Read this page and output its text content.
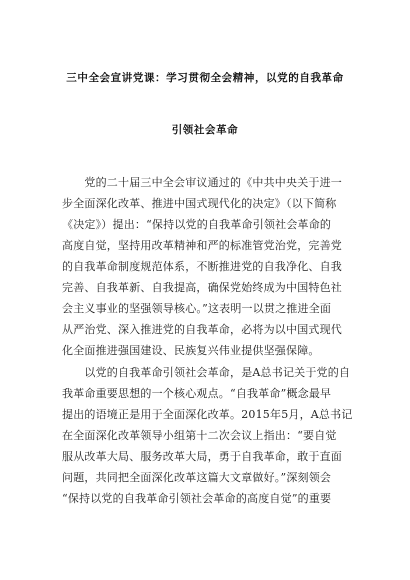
三中全会宣讲党课：学习贯彻全会精神，以党的自我革命
引领社会革命
　　党的二十届三中全会审议通过的《中共中央关于进一
步全面深化改革、推进中国式现代化的决定》（以下简称
《决定》）提出：“保持以党的自我革命引领社会革命的
高度自觉，坚持用改革精神和严的标准管党治党，完善党
的自我革命制度规范体系，不断推进党的自我净化、自我
完善、自我革新、自我提高，确保党始终成为中国特色社
会主义事业的坚强领导核心。”这表明一以贯之推进全面
从严治党、深入推进党的自我革命，必将为以中国式现代
化全面推进强国建设、民族复兴伟业提供坚强保障。
　　以党的自我革命引领社会革命，是A总书记关于党的自
我革命重要思想的一个核心观点。“自我革命”概念最早
提出的语境正是用于全面深化改革。2015年5月，A总书记
在全面深化改革领导小组第十二次会议上指出：“要自觉
服从改革大局、服务改革大局，勇于自我革命，敢于直面
问题，共同把全面深化改革这篇大文章做好。”深刻领会
“保持以党的自我革命引领社会革命的高度自觉”的重要
